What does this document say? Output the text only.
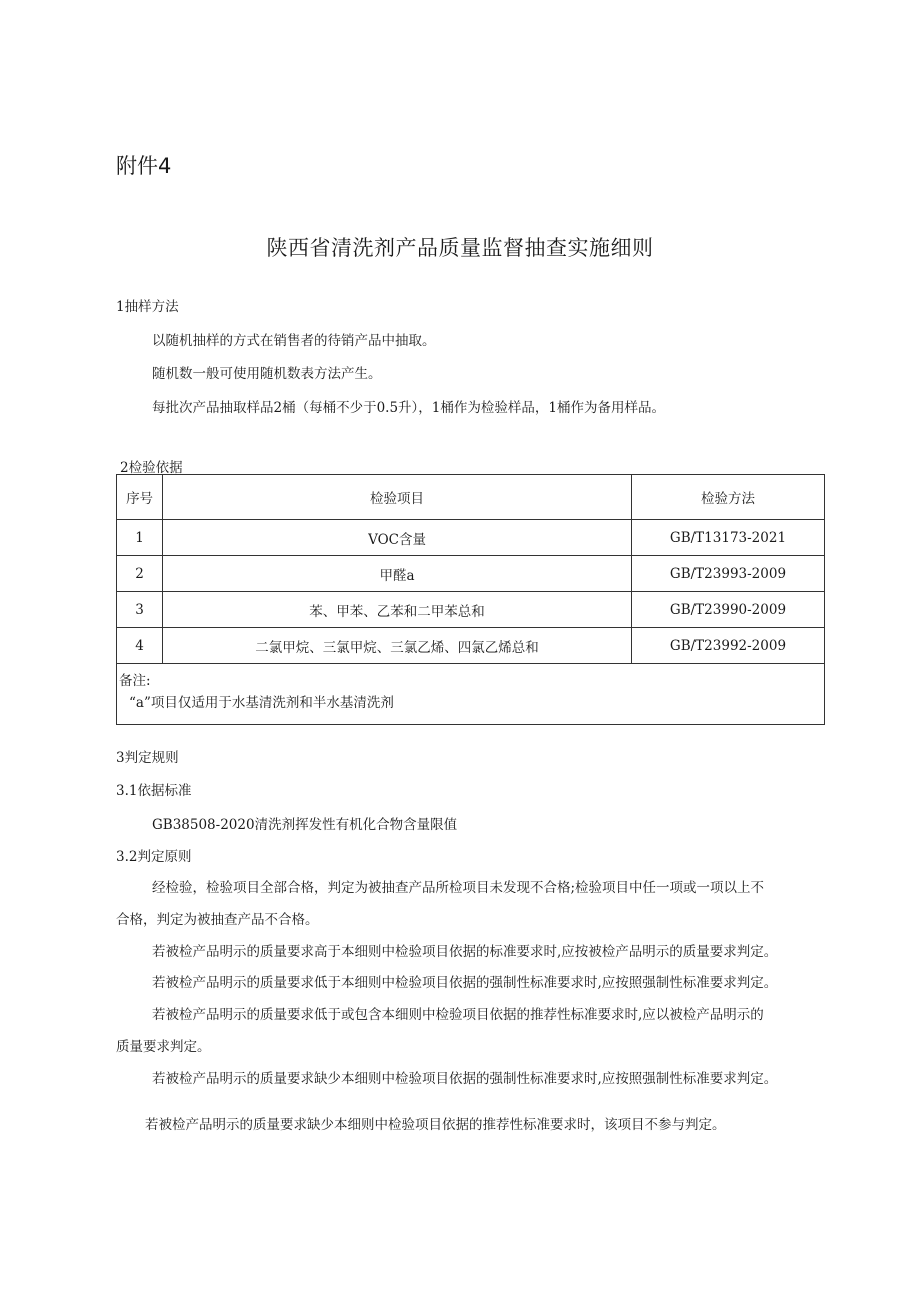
附件4
陕西省清洗剂产品质量监督抽查实施细则
1抽样方法
以随机抽样的方式在销售者的待销产品中抽取。
随机数一般可使用随机数表方法产生。
每批次产品抽取样品2桶（每桶不少于0.5升），1桶作为检验样品，1桶作为备用样品。
2检验依据
序号	检验项目	检验方法
1	VOC含量	GB/T13173-2021
2	甲醛a	GB/T23993-2009
3	苯、甲苯、乙苯和二甲苯总和	GB/T23990-2009
4	二氯甲烷、三氯甲烷、三氯乙烯、四氯乙烯总和	GB/T23992-2009

备注:
“a”项目仅适用于水基清洗剂和半水基清洗剂		
3判定规则
3.1依据标准
GB38508-2020清洗剂挥发性有机化合物含量限值
3.2判定原则
经检验，检验项目全部合格，判定为被抽查产品所检项目未发现不合格;检验项目中任一项或一项以上不
合格，判定为被抽查产品不合格。
若被检产品明示的质量要求高于本细则中检验项目依据的标准要求时,应按被检产品明示的质量要求判定。
若被检产品明示的质量要求低于本细则中检验项目依据的强制性标准要求时,应按照强制性标准要求判定。
若被检产品明示的质量要求低于或包含本细则中检验项目依据的推荐性标准要求时,应以被检产品明示的
质量要求判定。
若被检产品明示的质量要求缺少本细则中检验项目依据的强制性标准要求时,应按照强制性标准要求判定。
若被检产品明示的质量要求缺少本细则中检验项目依据的推荐性标准要求时，该项目不参与判定。
